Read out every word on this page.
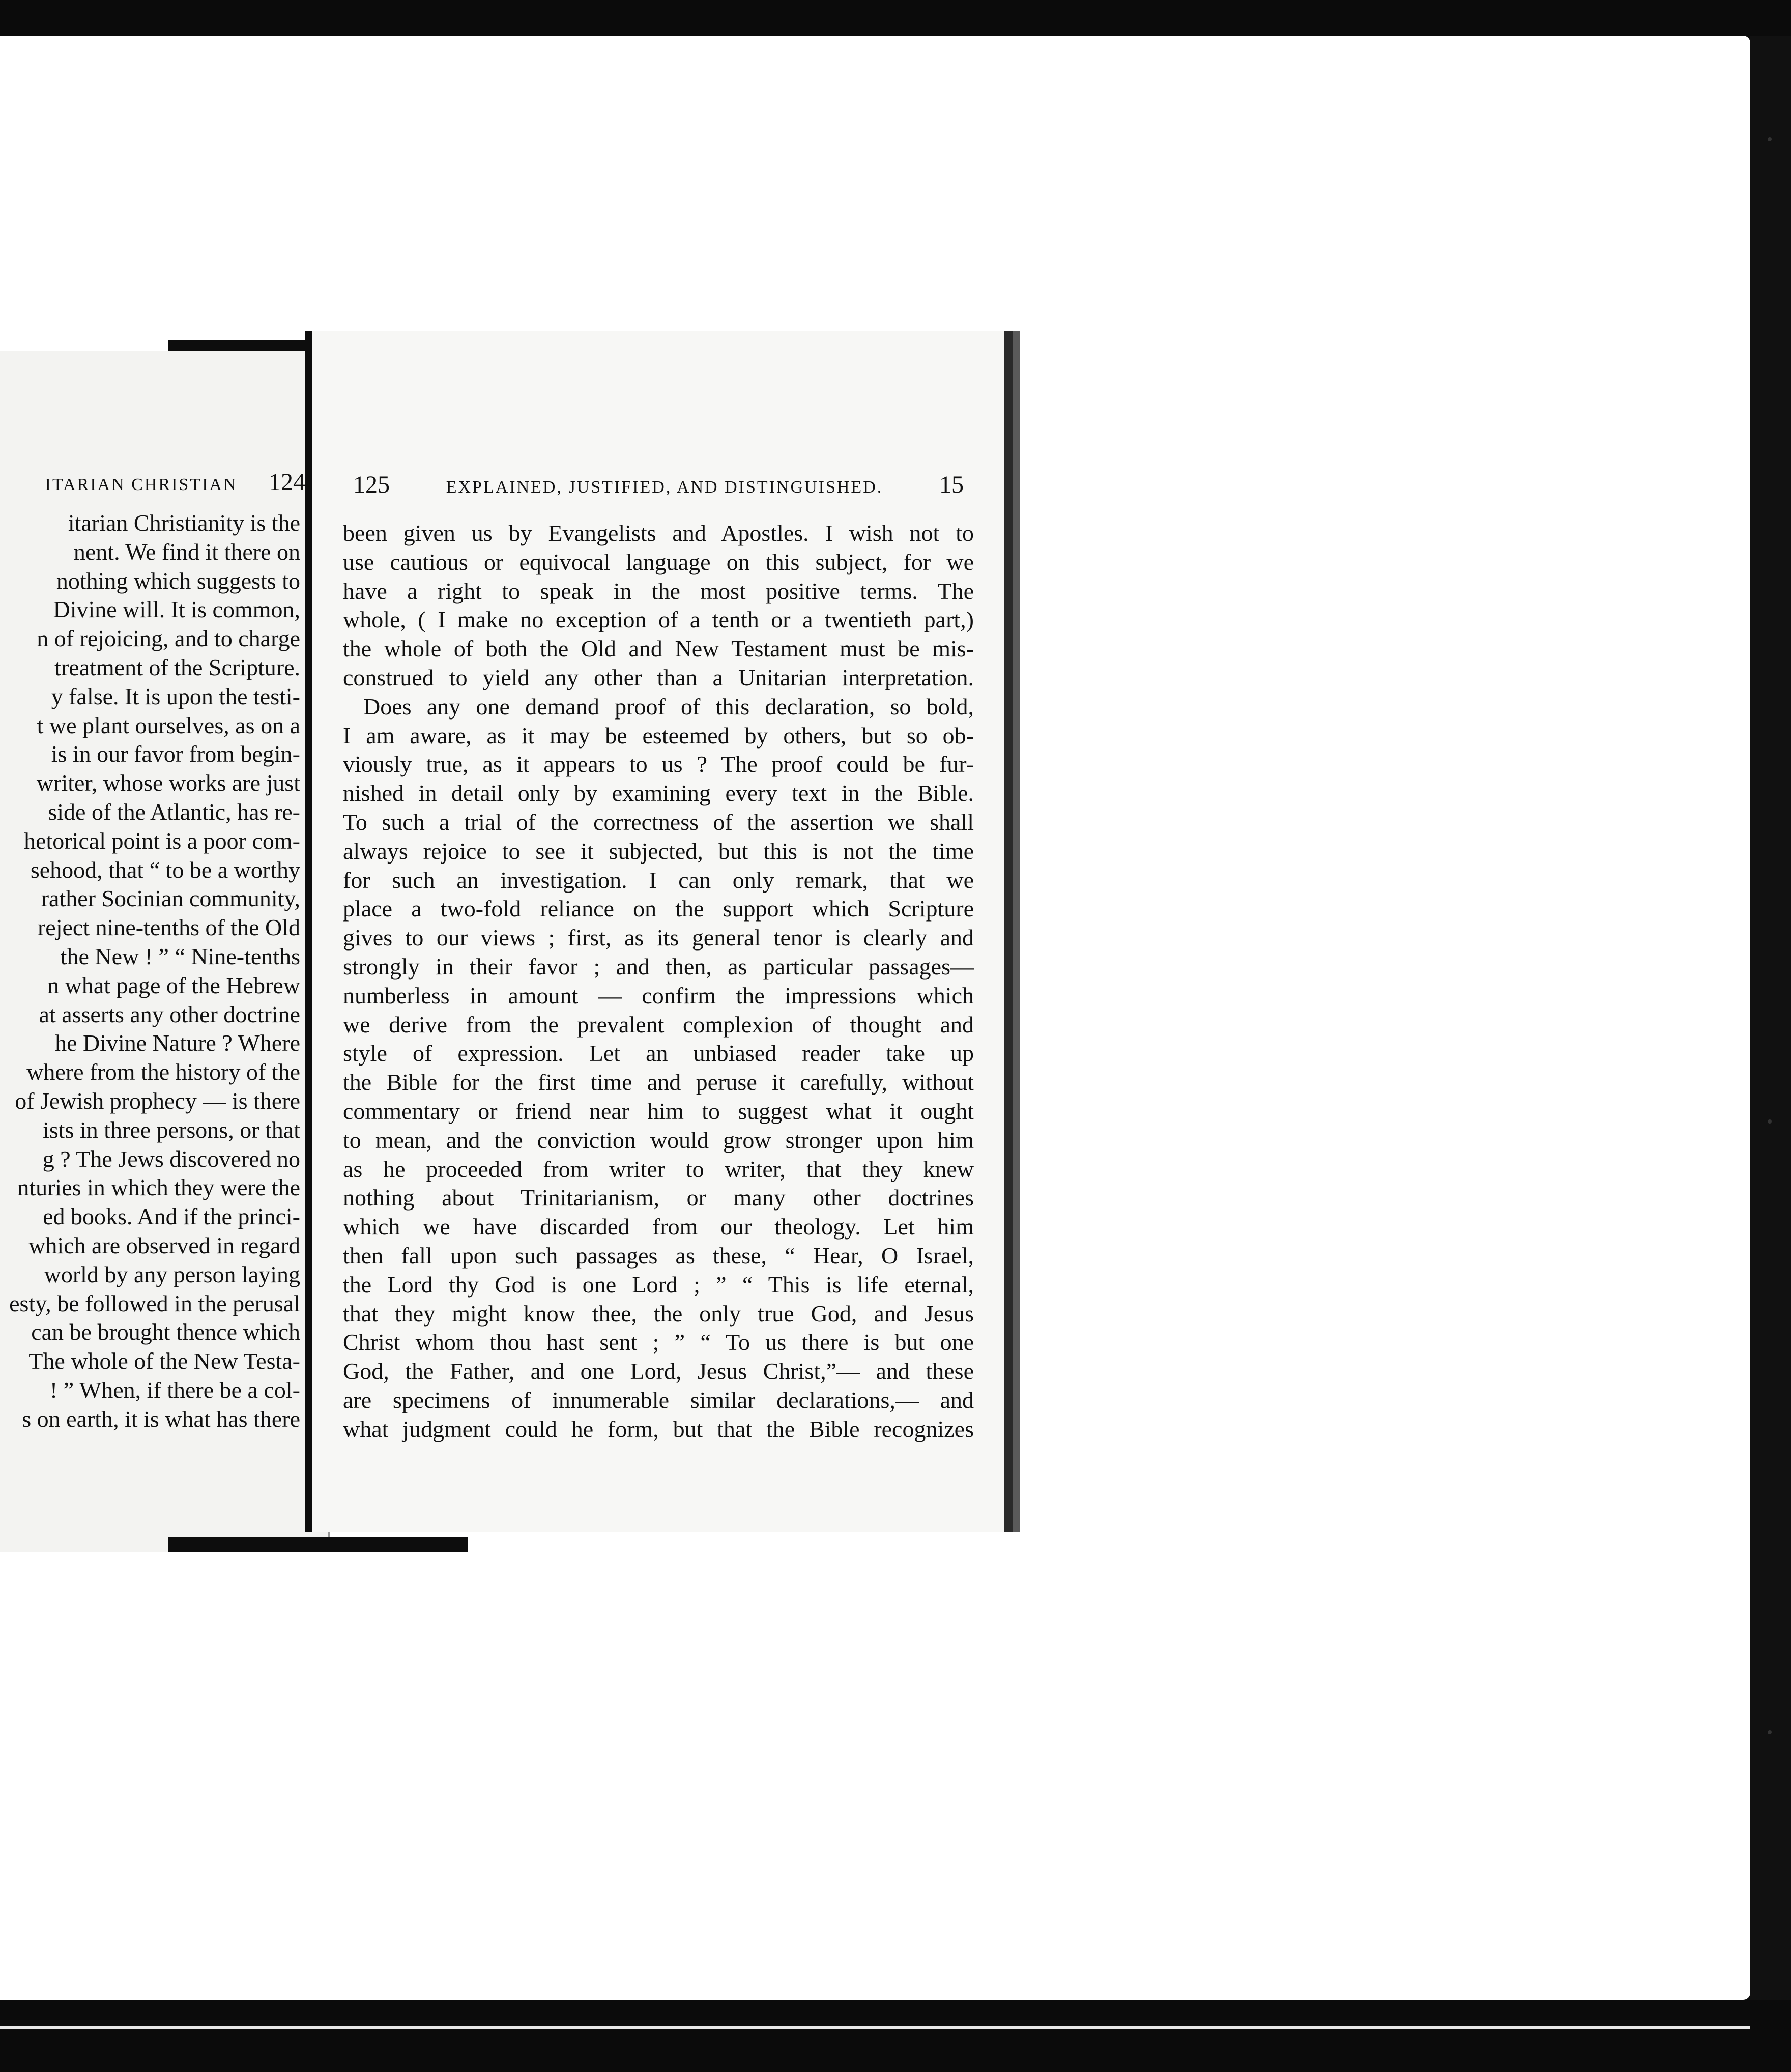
ITARIAN CHRISTIAN 124
itarian Christianity is the
nent. We find it there on
nothing which suggests to
Divine will. It is common,
n of rejoicing, and to charge
treatment of the Scripture.
y false. It is upon the testi-
t we plant ourselves, as on a
is in our favor from begin-
writer, whose works are just
side of the Atlantic, has re-
hetorical point is a poor com-
sehood, that “ to be a worthy
rather Socinian community,
reject nine-tenths of the Old
the New ! ” “ Nine-tenths
n what page of the Hebrew
at asserts any other doctrine
he Divine Nature ? Where
where from the history of the
of Jewish prophecy — is there
ists in three persons, or that
g ? The Jews discovered no
nturies in which they were the
ed books. And if the princi-
which are observed in regard
world by any person laying
esty, be followed in the perusal
can be brought thence which
The whole of the New Testa-
! ” When, if there be a col-
s on earth, it is what has there
125	EXPLAINED, JUSTIFIED, AND DISTINGUISHED. 15
been given us by Evangelists and Apostles. I wish not to
use cautious or equivocal language on this subject, for we
have a right to speak in the most positive terms. The
whole, ( I make no exception of a tenth or a twentieth part,)
the whole of both the Old and New Testament must be mis-
construed to yield any other than a Unitarian interpretation.
Does any one demand proof of this declaration, so bold,
I am aware, as it may be esteemed by others, but so ob-
viously true, as it appears to us ? The proof could be fur-
nished in detail only by examining every text in the Bible.
To such a trial of the correctness of the assertion we shall
always rejoice to see it subjected, but this is not the time
for such an investigation. I can only remark, that we
place a two-fold reliance on the support which Scripture
gives to our views ; first, as its general tenor is clearly and
strongly in their favor ; and then, as particular passages—
numberless in amount — confirm the impressions which
we derive from the prevalent complexion of thought and
style of expression. Let an unbiased reader take up
the Bible for the first time and peruse it carefully, without
commentary or friend near him to suggest what it ought
to mean, and the conviction would grow stronger upon him
as he proceeded from writer to writer, that they knew
nothing about Trinitarianism, or many other doctrines
which we have discarded from our theology. Let him
then fall upon such passages as these, “ Hear, O Israel,
the Lord thy God is one Lord ; ” “ This is life eternal,
that they might know thee, the only true God, and Jesus
Christ whom thou hast sent ; ” “ To us there is but one
God, the Father, and one Lord, Jesus Christ,”— and these
are specimens of innumerable similar declarations,— and
what judgment could he form, but that the Bible recognizes
